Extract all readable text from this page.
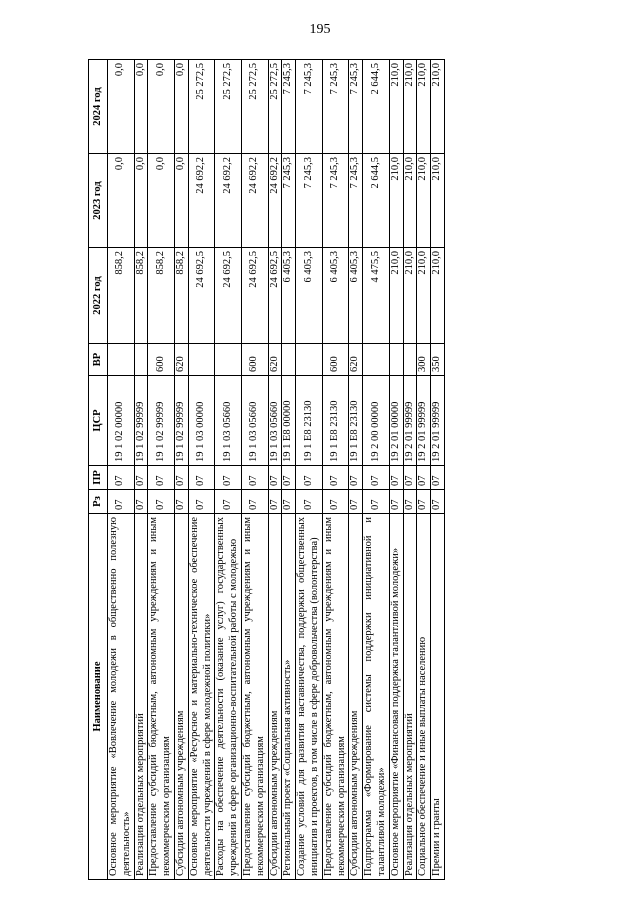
195
Наименование	Рз	ПР	ЦСР	ВР	2022 год	2023 год	2024 год
Основное мероприятие «Вовлечение молодежи в общественно полезную деятельность»	07	07	19 1 02 00000		858,2	0,0	0,0
Реализация отдельных мероприятий	07	07	19 1 02 99999		858,2	0,0	0,0
Предоставление субсидий бюджетным, автономным учреждениям и иным некоммерческим организациям	07	07	19 1 02 99999	600	858,2	0,0	0,0
Субсидии автономным учреждениям	07	07	19 1 02 99999	620	858,2	0,0	0,0
Основное мероприятие «Ресурсное и материально-техническое обеспечение деятельности учреждений в сфере молодежной политики»	07	07	19 1 03 00000		24 692,5	24 692,2	25 272,5
Расходы на обеспечение деятельности (оказание услуг) государственных учреждений в сфере организационно-воспитательной работы с молодежью	07	07	19 1 03 05660		24 692,5	24 692,2	25 272,5
Предоставление субсидий бюджетным, автономным учреждениям и иным некоммерческим организациям	07	07	19 1 03 05660	600	24 692,5	24 692,2	25 272,5
Субсидии автономным учреждениям	07	07	19 1 03 05660	620	24 692,5	24 692,2	25 272,5
Региональный проект «Социальная активность»	07	07	19 1 E8 00000		6 405,3	7 245,3	7 245,3
Создание условий для развития наставничества, поддержки общественных инициатив и проектов, в том числе в сфере добровольчества (волонтерства)	07	07	19 1 E8 23130		6 405,3	7 245,3	7 245,3
Предоставление субсидий бюджетным, автономным учреждениям и иным некоммерческим организациям	07	07	19 1 E8 23130	600	6 405,3	7 245,3	7 245,3
Субсидии автономным учреждениям	07	07	19 1 E8 23130	620	6 405,3	7 245,3	7 245,3
Подпрограмма «Формирование системы поддержки инициативной и талантливой молодежи»	07	07	19 2 00 00000		4 475,5	2 644,5	2 644,5
Основное мероприятие «Финансовая поддержка талантливой молодежи»	07	07	19 2 01 00000		210,0	210,0	210,0
Реализация отдельных мероприятий	07	07	19 2 01 99999		210,0	210,0	210,0
Социальное обеспечение и иные выплаты населению	07	07	19 2 01 99999	300	210,0	210,0	210,0
Премии и гранты	07	07	19 2 01 99999	350	210,0	210,0	210,0
